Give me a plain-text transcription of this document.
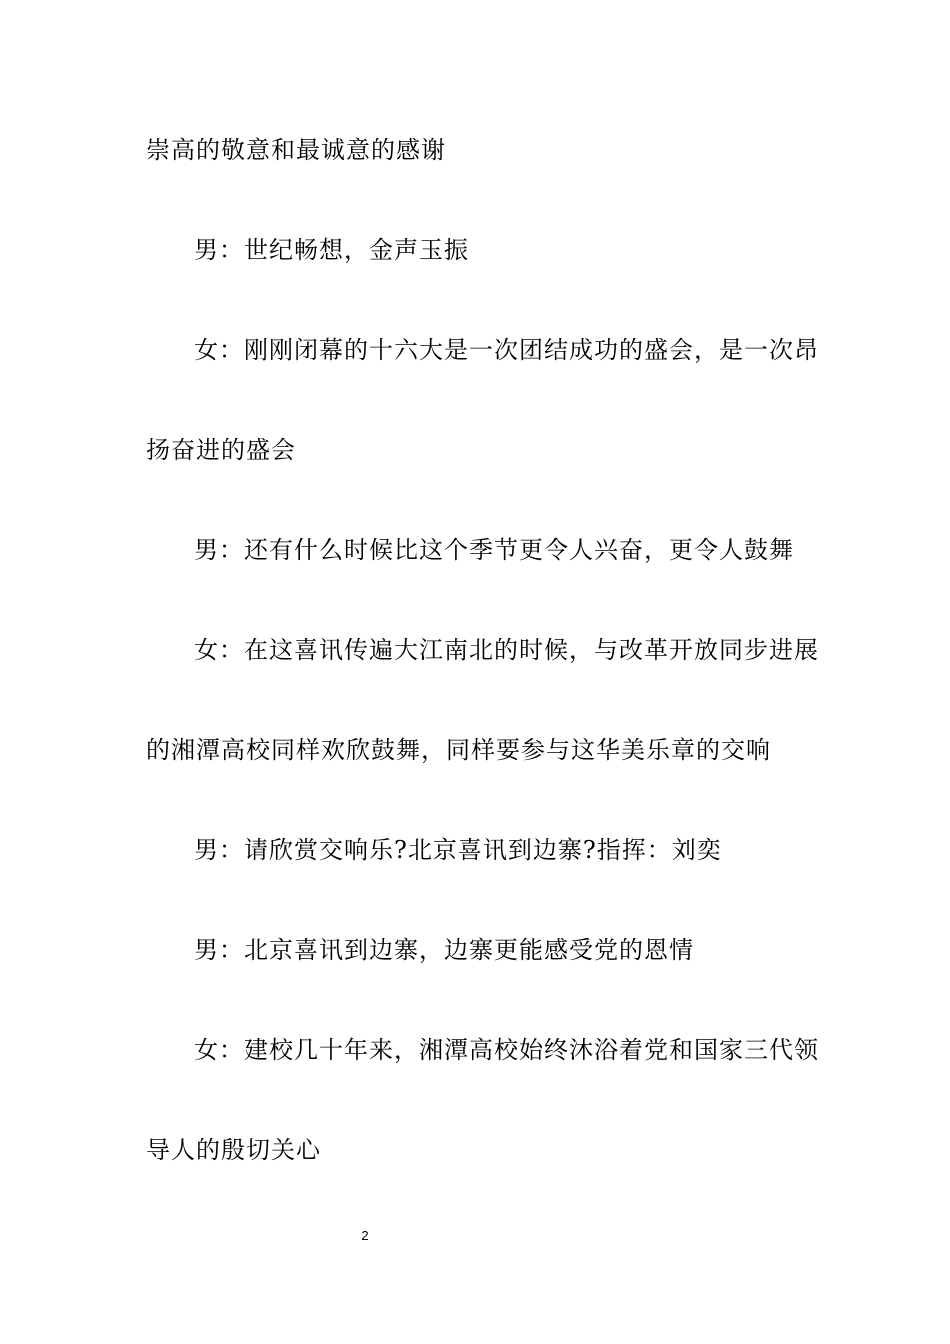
崇高的敬意和最诚意的感谢
男：世纪畅想，金声玉振
女：刚刚闭幕的十六大是一次团结成功的盛会，是一次昂
扬奋进的盛会
男：还有什么时候比这个季节更令人兴奋，更令人鼓舞
女：在这喜讯传遍大江南北的时候，与改革开放同步进展
的湘潭高校同样欢欣鼓舞，同样要参与这华美乐章的交响
男：请欣赏交响乐?北京喜讯到边寨?指挥：刘奕
男：北京喜讯到边寨，边寨更能感受党的恩情
女：建校几十年来，湘潭高校始终沐浴着党和国家三代领
导人的殷切关心
2
